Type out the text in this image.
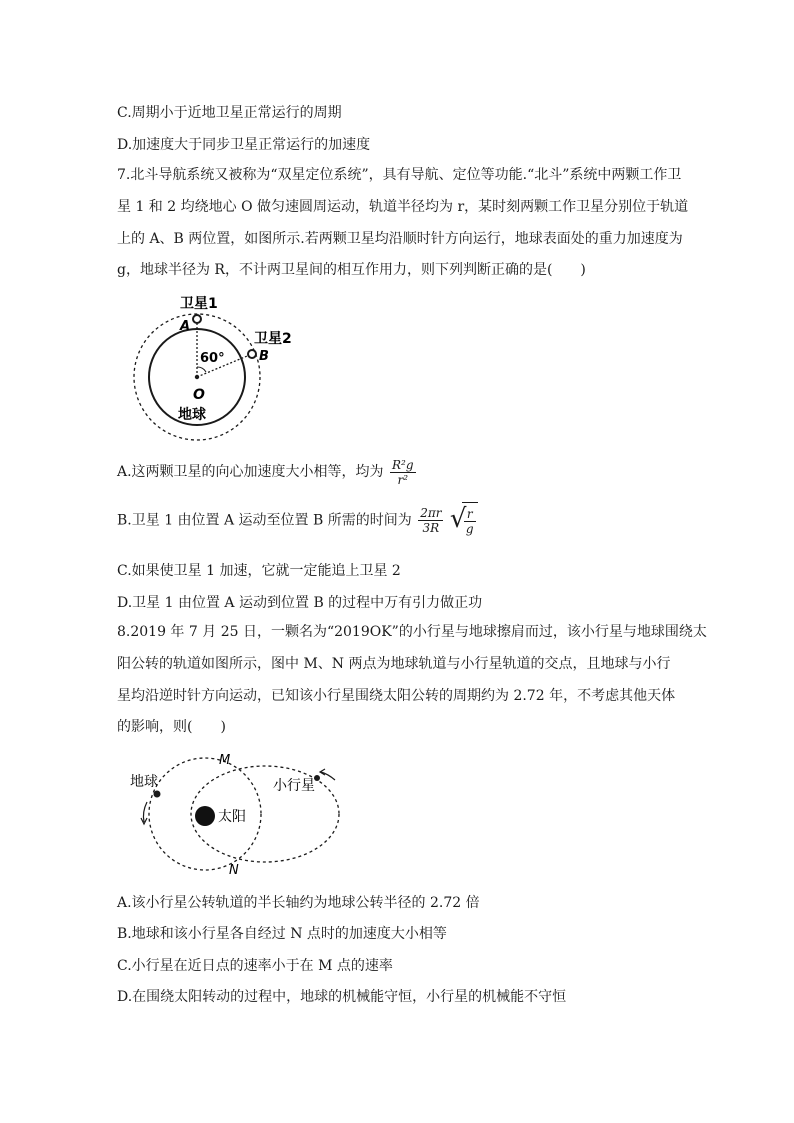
C.周期小于近地卫星正常运行的周期
D.加速度大于同步卫星正常运行的加速度
7.北斗导航系统又被称为“双星定位系统”，具有导航、定位等功能.“北斗”系统中两颗工作卫
星 1 和 2 均绕地心 O 做匀速圆周运动，轨道半径均为 r，某时刻两颗工作卫星分别位于轨道
上的 A、B 两位置，如图所示.若两颗卫星均沿顺时针方向运行，地球表面处的重力加速度为
g，地球半径为 R，不计两卫星间的相互作用力，则下列判断正确的是(　　)
卫星1
A
卫星2
B
60°
O
地球
A.这两颗卫星的向心加速度大小相等，均为 $\frac{\text{R²g}}{\text{r²}}$
B.卫星 1 由位置 A 运动至位置 B 所需的时间为 $\frac{2\pi r}{3R}$
√
$\frac{r}{g}$
C.如果使卫星 1 加速，它就一定能追上卫星 2
D.卫星 1 由位置 A 运动到位置 B 的过程中万有引力做正功
8.2019 年 7 月 25 日，一颗名为“2019OK”的小行星与地球擦肩而过，该小行星与地球围绕太
阳公转的轨道如图所示，图中 M、N 两点为地球轨道与小行星轨道的交点，且地球与小行
星均沿逆时针方向运动，已知该小行星围绕太阳公转的周期约为 2.72 年，不考虑其他天体
的影响，则(　　)
地球
M
小行星
太阳
N
A.该小行星公转轨道的半长轴约为地球公转半径的 2.72 倍
B.地球和该小行星各自经过 N 点时的加速度大小相等
C.小行星在近日点的速率小于在 M 点的速率
D.在围绕太阳转动的过程中，地球的机械能守恒，小行星的机械能不守恒
